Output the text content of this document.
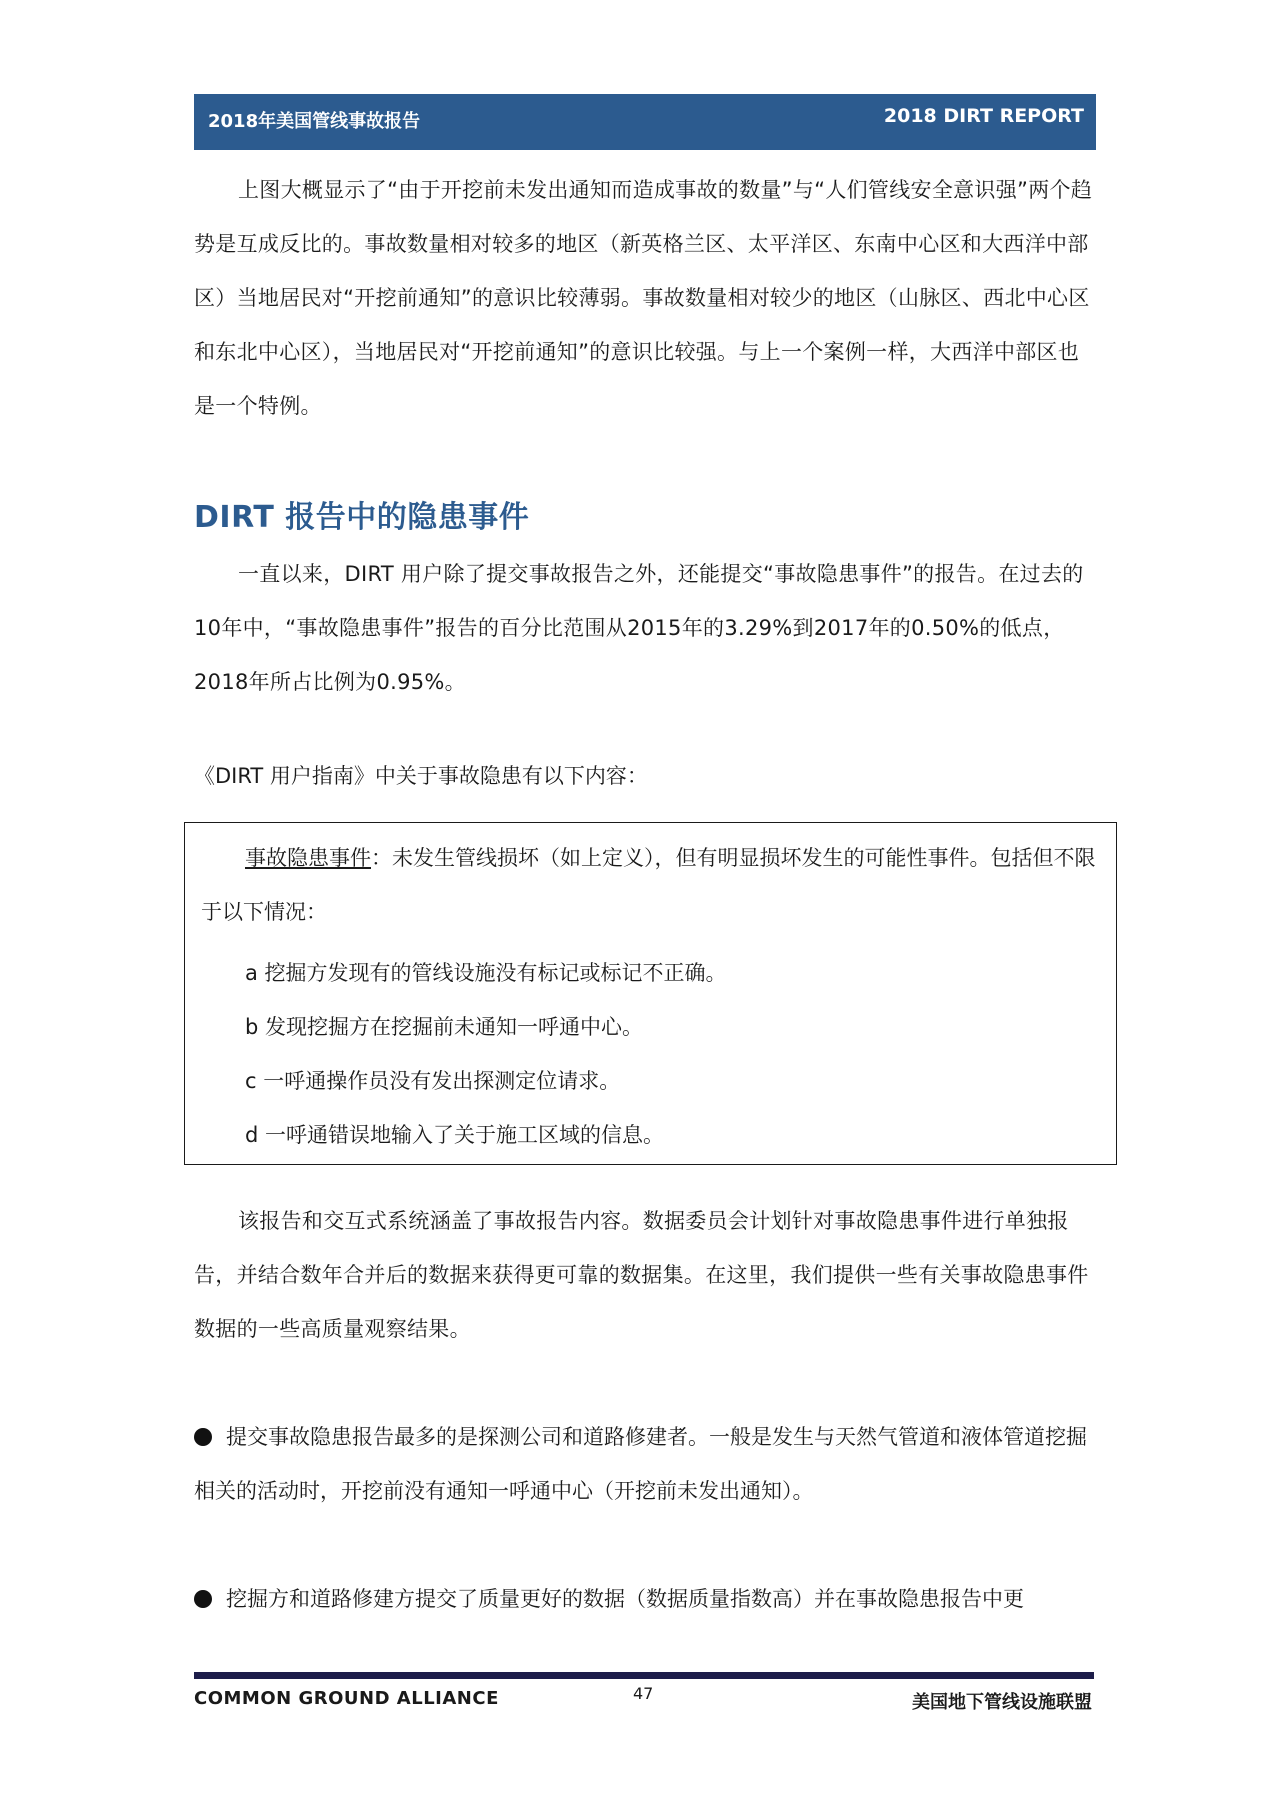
2018年美国管线事故报告	2018 DIRT REPORT

上图大概显示了“由于开挖前未发出通知而造成事故的数量”与“人们管线安全意识强”两个趋势是互成反比的。事故数量相对较多的地区（新英格兰区、太平洋区、东南中心区和大西洋中部区）当地居民对“开挖前通知”的意识比较薄弱。事故数量相对较少的地区（山脉区、西北中心区和东北中心区），当地居民对“开挖前通知”的意识比较强。与上一个案例一样，大西洋中部区也是一个特例。

DIRT 报告中的隐患事件

一直以来，DIRT 用户除了提交事故报告之外，还能提交“事故隐患事件”的报告。在过去的10年中，“事故隐患事件”报告的百分比范围从2015年的3.29%到2017年的0.50%的低点，2018年所占比例为0.95%。

《DIRT 用户指南》中关于事故隐患有以下内容：

事故隐患事件：未发生管线损坏（如上定义），但有明显损坏发生的可能性事件。包括但不限于以下情况：

a 挖掘方发现有的管线设施没有标记或标记不正确。

b 发现挖掘方在挖掘前未通知一呼通中心。

c 一呼通操作员没有发出探测定位请求。

d 一呼通错误地输入了关于施工区域的信息。

该报告和交互式系统涵盖了事故报告内容。数据委员会计划针对事故隐患事件进行单独报告，并结合数年合并后的数据来获得更可靠的数据集。在这里，我们提供一些有关事故隐患事件数据的一些高质量观察结果。

提交事故隐患报告最多的是探测公司和道路修建者。一般是发生与天然气管道和液体管道挖掘相关的活动时，开挖前没有通知一呼通中心（开挖前未发出通知）。

挖掘方和道路修建方提交了质量更好的数据（数据质量指数高）并在事故隐患报告中更

COMMON GROUND ALLIANCE	47	美国地下管线设施联盟
